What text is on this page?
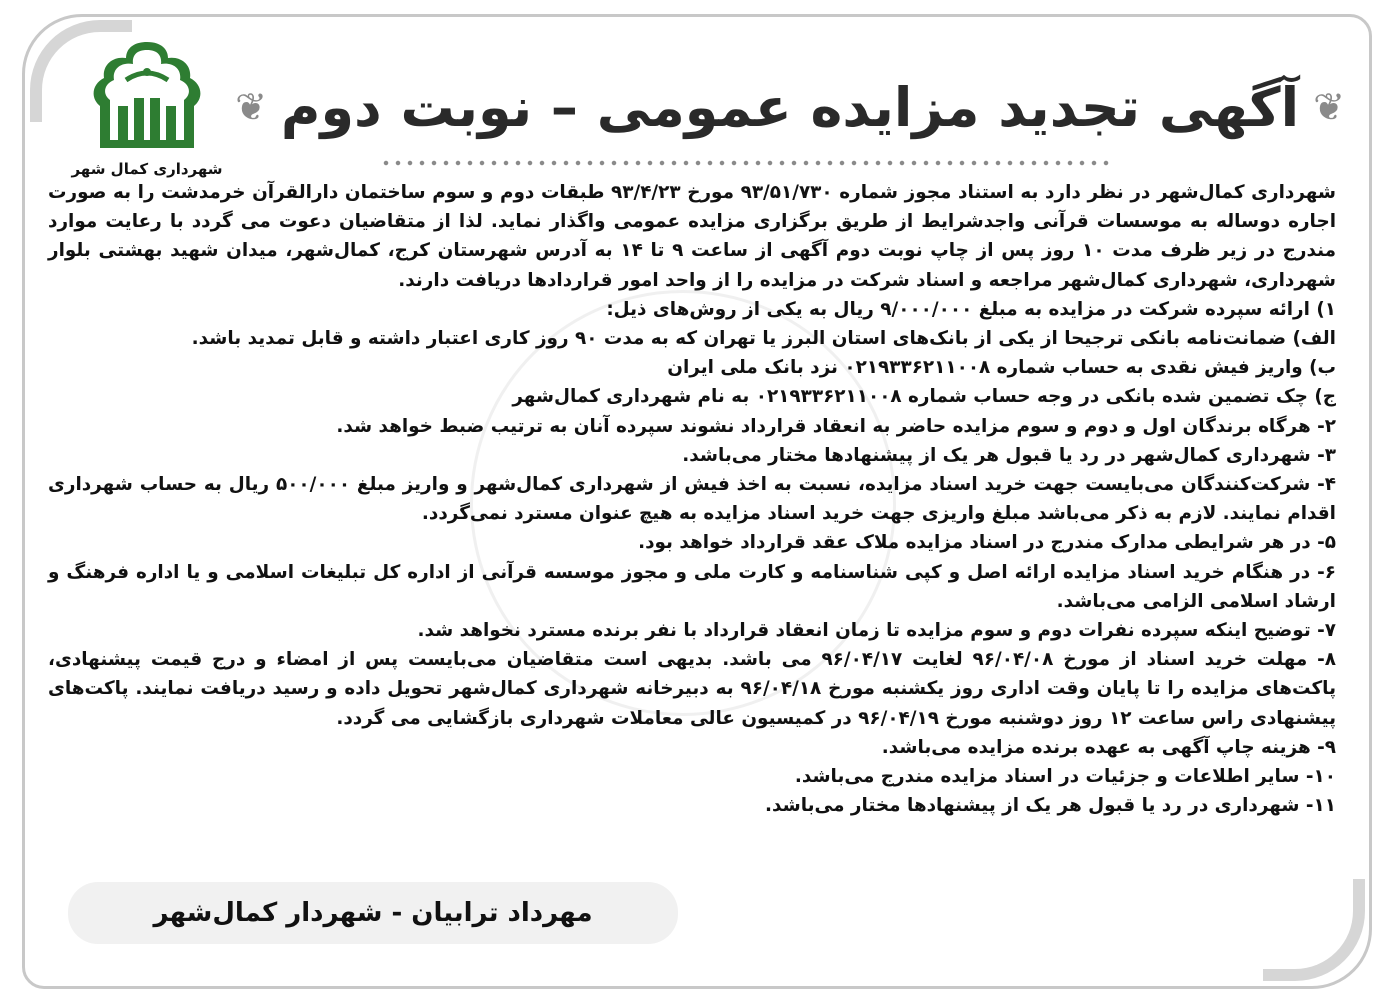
شهرداری کمال شهر
❦
آگهی تجدید مزایده عمومی – نوبت دوم
❦

شهرداری کمال‌شهر در نظر دارد به استناد مجوز شماره ۹۳/۵۱/۷۳۰ مورخ ۹۳/۴/۲۳ طبقات دوم و سوم ساختمان دارالقرآن خرمدشت را به صورت اجاره دوساله به موسسات قرآنی واجدشرایط از طریق برگزاری مزایده عمومی واگذار نماید. لذا از متقاضیان دعوت می گردد با رعایت موارد مندرج در زیر ظرف مدت ۱۰ روز پس از چاپ نوبت دوم آگهی از ساعت ۹ تا ۱۴ به آدرس شهرستان کرج، کمال‌شهر، میدان شهید بهشتی بلوار شهرداری، شهرداری کمال‌شهر مراجعه و اسناد شرکت در مزایده را از واحد امور قراردادها دریافت دارند.

۱) ارائه سپرده شرکت در مزایده به مبلغ ۹/۰۰۰/۰۰۰ ریال به یکی از روش‌های ذیل:

الف) ضمانت‌نامه بانکی ترجیحا از یکی از بانک‌های استان البرز یا تهران که به مدت ۹۰ روز کاری اعتبار داشته و قابل تمدید باشد.

ب) واریز فیش نقدی به حساب شماره ۰۲۱۹۳۳۶۲۱۱۰۰۸ نزد بانک ملی ایران

ج) چک تضمین شده بانکی در وجه حساب شماره ۰۲۱۹۳۳۶۲۱۱۰۰۸ به نام شهرداری کمال‌شهر

۲- هرگاه برندگان اول و دوم و سوم مزایده حاضر به انعقاد قرارداد نشوند سپرده آنان به ترتیب ضبط خواهد شد.

۳- شهرداری کمال‌شهر در رد یا قبول هر یک از پیشنهادها مختار می‌باشد.

۴- شرکت‌کنندگان می‌بایست جهت خرید اسناد مزایده، نسبت به اخذ فیش از شهرداری کمال‌شهر و واریز مبلغ ۵۰۰/۰۰۰ ریال به حساب شهرداری اقدام نمایند. لازم به ذکر می‌باشد مبلغ واریزی جهت خرید اسناد مزایده به هیچ عنوان مسترد نمی‌گردد.

۵- در هر شرایطی مدارک مندرج در اسناد مزایده ملاک عقد قرارداد خواهد بود.

۶- در هنگام خرید اسناد مزایده ارائه اصل و کپی شناسنامه و کارت ملی و مجوز موسسه قرآنی از اداره کل تبلیغات اسلامی و یا اداره فرهنگ و ارشاد اسلامی الزامی می‌باشد.

۷- توضیح اینکه سپرده نفرات دوم و سوم مزایده تا زمان انعقاد قرارداد با نفر برنده مسترد نخواهد شد.

۸- مهلت خرید اسناد از مورخ ۹۶/۰۴/۰۸ لغایت ۹۶/۰۴/۱۷ می باشد. بدیهی است متقاضیان می‌بایست پس از امضاء و درج قیمت پیشنهادی، پاکت‌های مزایده را تا پایان وقت اداری روز یکشنبه مورخ ۹۶/۰۴/۱۸ به دبیرخانه شهرداری کمال‌شهر تحویل داده و رسید دریافت نمایند. پاکت‌های پیشنهادی راس ساعت ۱۲ روز دوشنبه مورخ ۹۶/۰۴/۱۹ در کمیسیون عالی معاملات شهرداری بازگشایی می گردد.

۹- هزینه چاپ آگهی به عهده برنده مزایده می‌باشد.

۱۰- سایر اطلاعات و جزئیات در اسناد مزایده مندرج می‌باشد.

۱۱- شهرداری در رد یا قبول هر یک از پیشنهادها مختار می‌باشد.

مهرداد ترابیان - شهردار کمال‌شهر
